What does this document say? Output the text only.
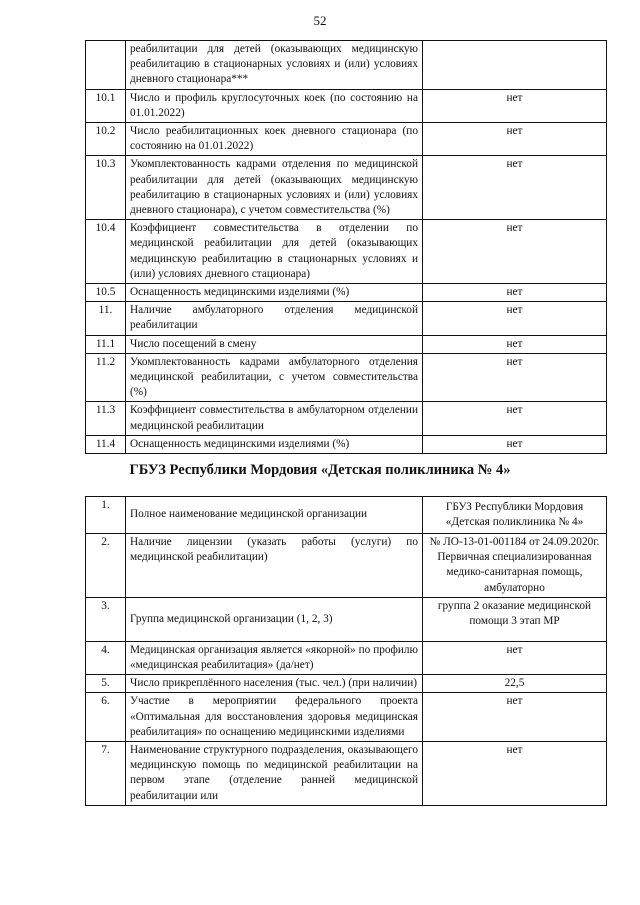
52
	реабилитации для детей (оказывающих медицинскую реабилитацию в стационарных условиях и (или) условиях дневного стационара***	
10.1	Число и профиль круглосуточных коек (по состоянию на 01.01.2022)	нет
10.2	Число реабилитационных коек дневного стационара (по состоянию на 01.01.2022)	нет
10.3	Укомплектованность кадрами отделения по медицинской реабилитации для детей (оказывающих медицинскую реабилитацию в стационарных условиях и (или) условиях дневного стационара), с учетом совместительства (%)	нет
10.4	Коэффициент совместительства в отделении по медицинской реабилитации для детей (оказывающих медицинскую реабилитацию в стационарных условиях и (или) условиях дневного стационара)	нет
10.5	Оснащенность медицинскими изделиями (%)	нет
11.	Наличие амбулаторного отделения медицинской реабилитации	нет
11.1	Число посещений в смену	нет
11.2	Укомплектованность кадрами амбулаторного отделения медицинской реабилитации, с учетом совместительства (%)	нет
11.3	Коэффициент совместительства в амбулаторном отделении медицинской реабилитации	нет
11.4	Оснащенность медицинскими изделиями (%)	нет
ГБУЗ Республики Мордовия «Детская поликлиника № 4»
1.	Полное наименование медицинской организации	ГБУЗ Республики Мордовия «Детская поликлиника № 4»
2.	Наличие лицензии (указать работы (услуги) по медицинской реабилитации)	№ ЛО-13-01-001184 от 24.09.2020г. Первичная специализированная медико-санитарная помощь, амбулаторно
3.	Группа медицинской организации (1, 2, 3)	группа 2 оказание медицинской помощи 3 этап МР
4.	Медицинская организация является «якорной» по профилю «медицинская реабилитация» (да/нет)	нет
5.	Число прикреплённого населения (тыс. чел.) (при наличии)	22,5
6.	Участие в мероприятии федерального проекта «Оптимальная для восстановления здоровья медицинская реабилитация» по оснащению медицинскими изделиями	нет
7.	Наименование структурного подразделения, оказывающего медицинскую помощь по медицинской реабилитации на первом этапе (отделение ранней медицинской реабилитации или	нет
